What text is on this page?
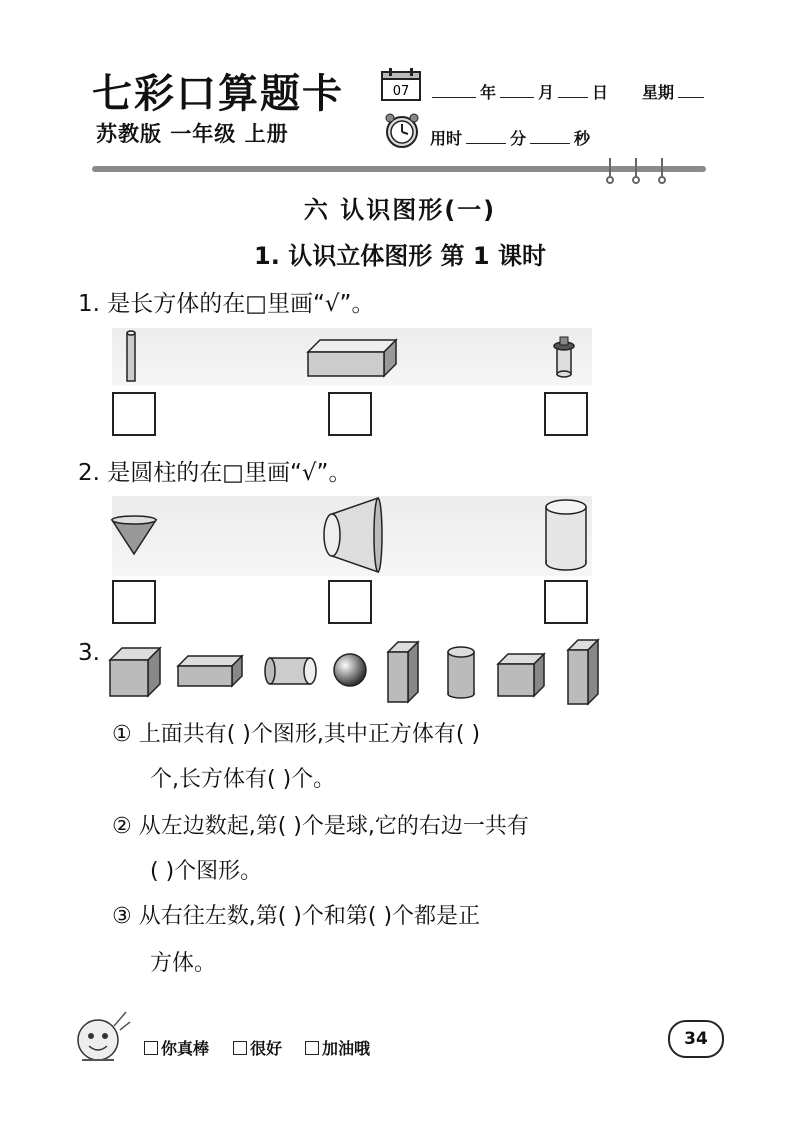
七彩口算题卡
苏教版 一年级 上册
07	年	月 日 星期
用时	分	秒
六 认识图形(一)
1. 认识立体图形 第 1 课时
1. 是长方体的在□里画“√”。
2. 是圆柱的在□里画“√”。
3.
① 上面共有( )个图形,其中正方体有( )
个,长方体有( )个。
② 从左边数起,第( )个是球,它的右边一共有
( )个图形。
③ 从右往左数,第( )个和第( )个都是正
方体。
你真棒	很好	加油哦	34
